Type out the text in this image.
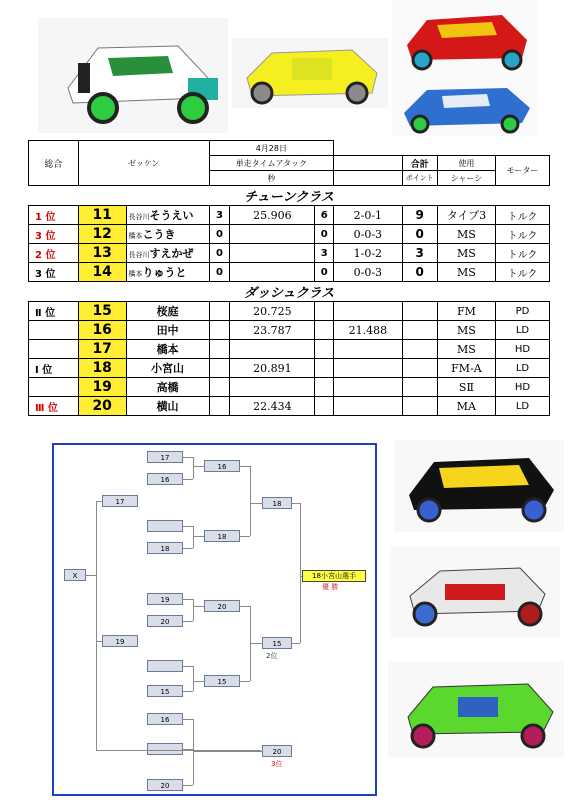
総合	ゼッケン		4月28日						
			単走タイムアタック				合計	使用	モーター
			秒				ポイント	シャーシ	
チューンクラス									
1 位	11	長谷川そうえい	3	25.906	6	2-0-1	9	タイプ3	トルク
3 位	12	橋本こうき	0		0	0-0-3	0	MS	トルク
2 位	13	長谷川すえかぜ	0		3	1-0-2	3	MS	トルク
3 位	14	橋本りゅうと	0		0	0-0-3	0	MS	トルク
ダッシュクラス									
Ⅱ 位	15	桜庭		20.725				FM	PD
	16	田中		23.787		21.488		MS	LD
	17	橋本						MS	HD
Ⅰ 位	18	小宮山		20.891				FM-A	LD
	19	高橋						SⅡ	HD
Ⅲ 位	20	横山		22.434				MA	LD
X
17
16
18
19
20
15
16
20
17
19
16
18
20
15
18
15
20
18小宮山選手
優 勝
2位
3位
